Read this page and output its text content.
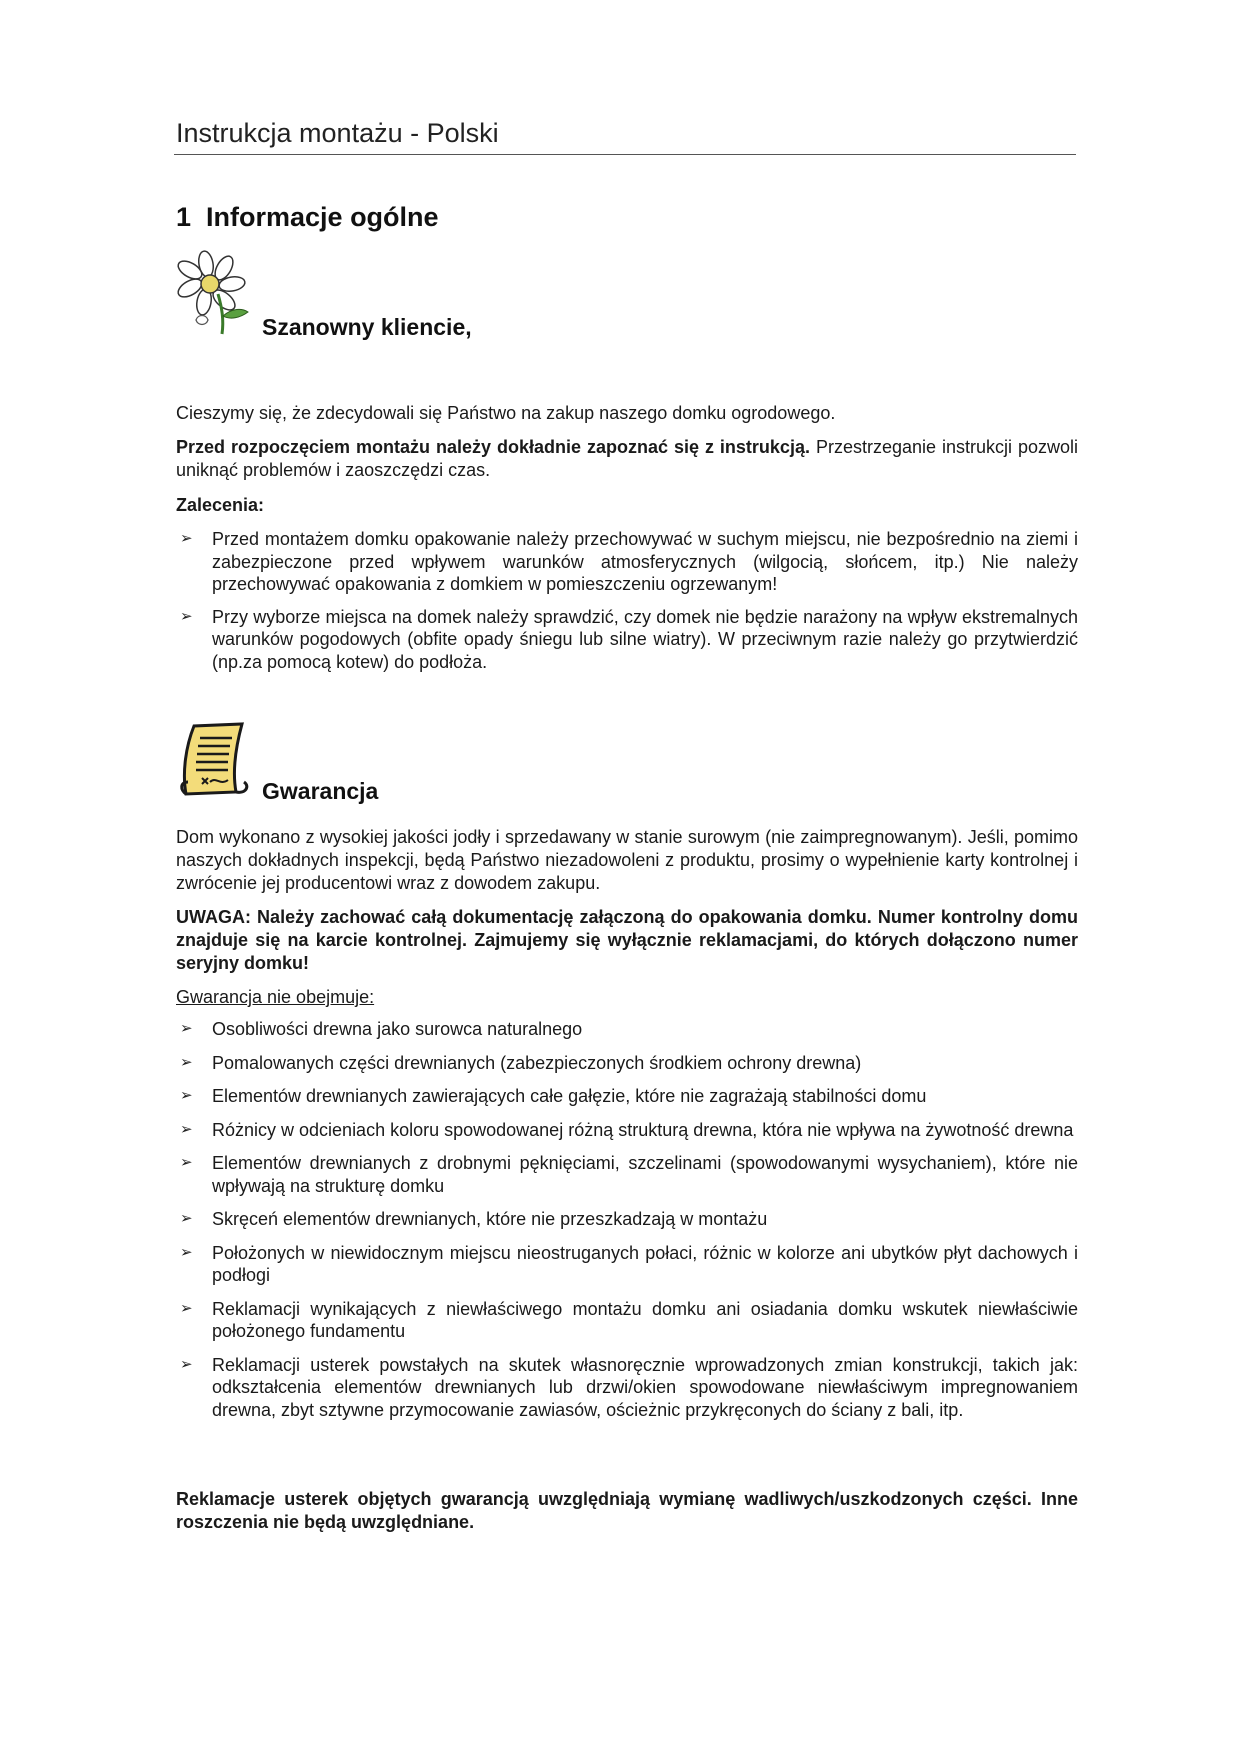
Instrukcja montażu - Polski
1  Informacje ogólne
Szanowny kliencie,
Cieszymy się, że zdecydowali się Państwo na zakup naszego domku ogrodowego.
Przed rozpoczęciem montażu należy dokładnie zapoznać się z instrukcją. Przestrzeganie instrukcji pozwoli uniknąć problemów i zaoszczędzi czas.
Zalecenia:
➢ Przed montażem domku opakowanie należy przechowywać w suchym miejscu, nie bezpośrednio na ziemi i zabezpieczone przed wpływem warunków atmosferycznych (wilgocią, słońcem, itp.) Nie należy przechowywać opakowania z domkiem w pomieszczeniu ogrzewanym!
➢ Przy wyborze miejsca na domek należy sprawdzić, czy domek nie będzie narażony na wpływ ekstremalnych warunków pogodowych (obfite opady śniegu lub silne wiatry). W przeciwnym razie należy go przytwierdzić (np.za pomocą kotew) do podłoża.
Gwarancja
Dom wykonano z wysokiej jakości jodły i sprzedawany w stanie surowym (nie zaimpregnowanym). Jeśli, pomimo naszych dokładnych inspekcji, będą Państwo niezadowoleni z produktu, prosimy o wypełnienie karty kontrolnej i zwrócenie jej producentowi wraz z dowodem zakupu.
UWAGA: Należy zachować całą dokumentację załączoną do opakowania domku. Numer kontrolny domu znajduje się na karcie kontrolnej. Zajmujemy się wyłącznie reklamacjami, do których dołączono numer seryjny domku!
Gwarancja nie obejmuje:
➢ Osobliwości drewna jako surowca naturalnego
➢ Pomalowanych części drewnianych (zabezpieczonych środkiem ochrony drewna)
➢ Elementów drewnianych zawierających całe gałęzie, które nie zagrażają stabilności domu
➢ Różnicy w odcieniach koloru spowodowanej różną strukturą drewna, która nie wpływa na żywotność drewna
➢ Elementów drewnianych z drobnymi pęknięciami, szczelinami (spowodowanymi wysychaniem), które nie wpływają na strukturę domku
➢ Skręceń elementów drewnianych, które nie przeszkadzają w montażu
➢ Położonych w niewidocznym miejscu nieostruganych połaci, różnic w kolorze ani ubytków płyt dachowych i podłogi
➢ Reklamacji wynikających z niewłaściwego montażu domku ani osiadania domku wskutek niewłaściwie położonego fundamentu
➢ Reklamacji usterek powstałych na skutek własnoręcznie wprowadzonych zmian konstrukcji, takich jak: odkształcenia elementów drewnianych lub drzwi/okien spowodowane niewłaściwym impregnowaniem drewna, zbyt sztywne przymocowanie zawiasów, ościeżnic przykręconych do ściany z bali, itp.
Reklamacje usterek objętych gwarancją uwzględniają wymianę wadliwych/uszkodzonych części. Inne roszczenia nie będą uwzględniane.
